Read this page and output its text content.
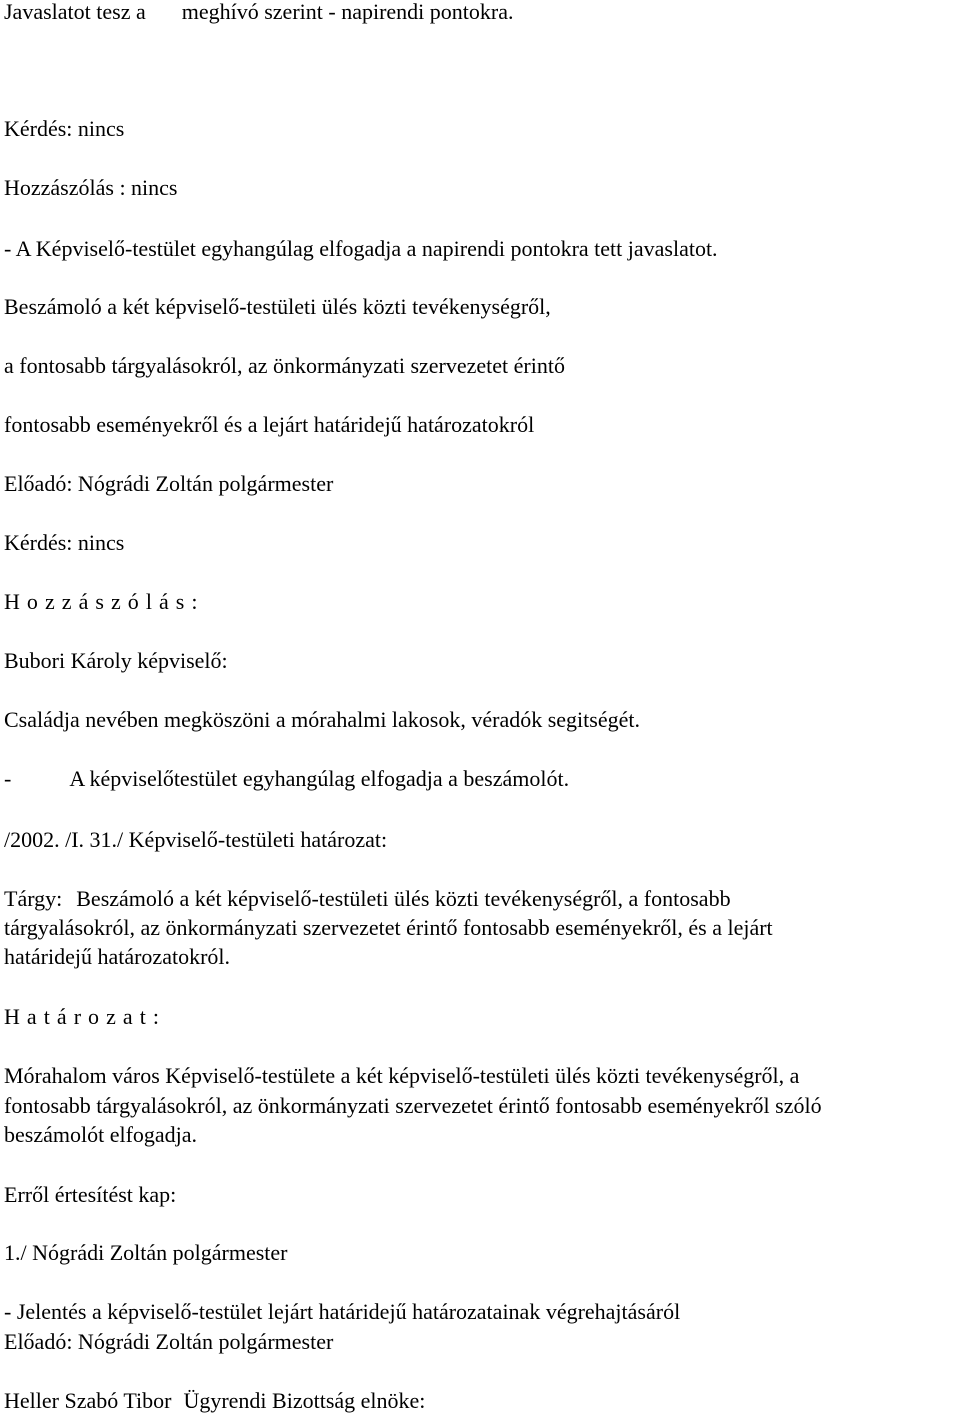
Javaslatot tesz a meghívó szerint - napirendi pontokra.

Kérdés: nincs

Hozzászólás : nincs

- A Képviselő-testület egyhangúlag elfogadja a napirendi pontokra tett javaslatot.

Beszámoló a két képviselő-testületi ülés közti tevékenységről,

a fontosabb tárgyalásokról, az önkormányzati szervezetet érintő

fontosabb eseményekről és a lejárt határidejű határozatokról

Előadó: Nógrádi Zoltán polgármester

Kérdés: nincs

Hozzászólás:

Bubori Károly képviselő:

Családja nevében megköszöni a mórahalmi lakosok, véradók segitségét.

-	A képviselőtestület egyhangúlag elfogadja a beszámolót.

/2002. /I. 31./ Képviselő-testületi határozat:

Tárgy: Beszámoló a két képviselő-testületi ülés közti tevékenységről, a fontosabb

tárgyalásokról, az önkormányzati szervezetet érintő fontosabb eseményekről, és a lejárt

határidejű határozatokról.

Határozat:

Mórahalom város Képviselő-testülete a két képviselő-testületi ülés közti tevékenységről, a

fontosabb tárgyalásokról, az önkormányzati szervezetet érintő fontosabb eseményekről szóló

beszámolót elfogadja.

Erről értesítést kap:

1./ Nógrádi Zoltán polgármester

- Jelentés a képviselő-testület lejárt határidejű határozatainak végrehajtásáról

Előadó: Nógrádi Zoltán polgármester

Heller Szabó Tibor Ügyrendi Bizottság elnöke:
